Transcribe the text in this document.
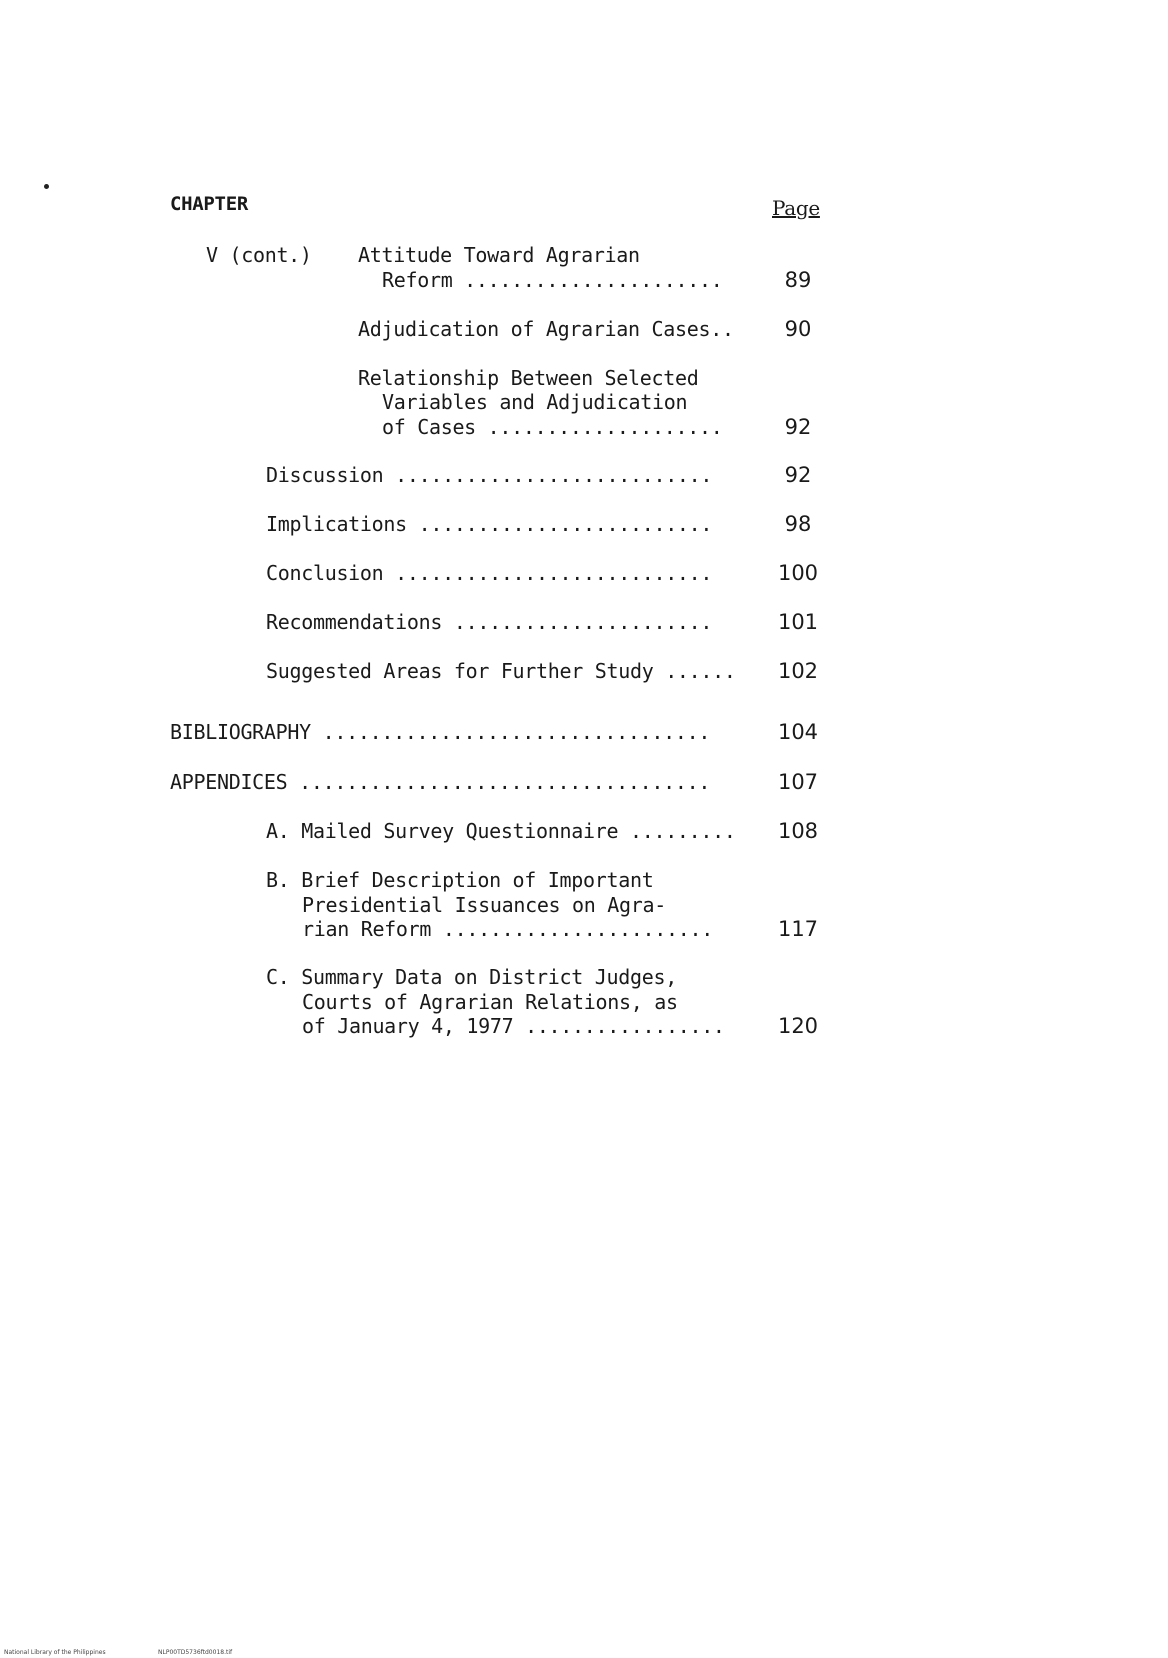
CHAPTER	Page
V (cont.) Attitude Toward Agrarian
Reform ......................	89
Adjudication of Agrarian Cases..	90
Relationship Between Selected
Variables and Adjudication
of Cases ....................	92
Discussion ...........................	92
Implications .........................	98
Conclusion ...........................	100
Recommendations ......................	101
Suggested Areas for Further Study ......	102
BIBLIOGRAPHY .................................	104
APPENDICES ...................................	107
A. Mailed Survey Questionnaire .........	108
B. Brief Description of Important
Presidential Issuances on Agra-
rian Reform .......................	117
C. Summary Data on District Judges,
Courts of Agrarian Relations, as
of January 4, 1977 .................	120
National Library of the Philippines	NLP00TD5736ftd0018.tif
